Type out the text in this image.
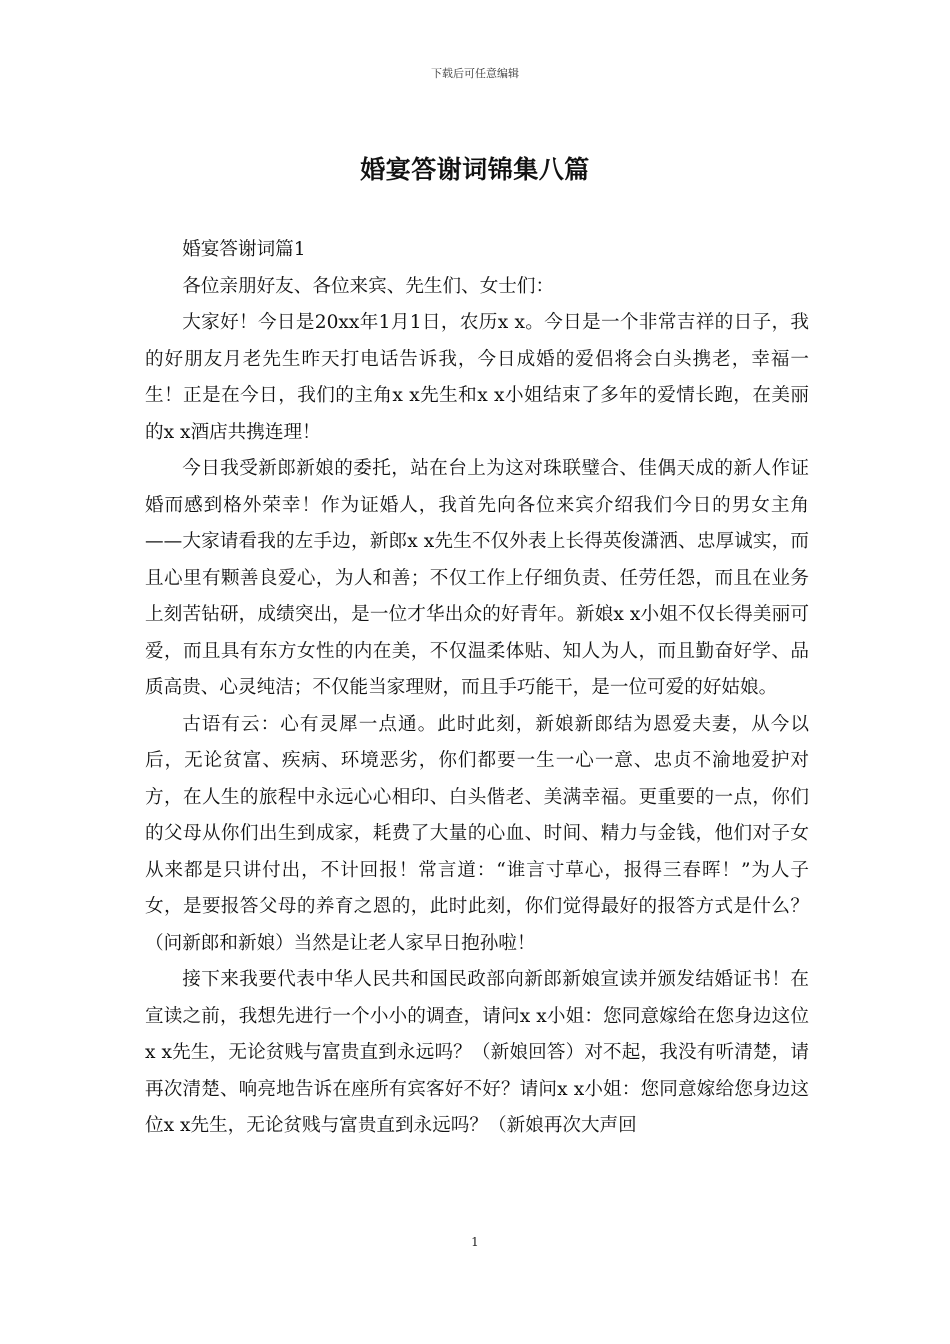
下载后可任意编辑
婚宴答谢词锦集八篇

婚宴答谢词篇1

各位亲朋好友、各位来宾、先生们、女士们：

大家好！今日是20xx年1月1日，农历x x。今日是一个非常吉祥的日子，我的好朋友月老先生昨天打电话告诉我，今日成婚的爱侣将会白头携老，幸福一生！正是在今日，我们的主角x x先生和x x小姐结束了多年的爱情长跑，在美丽的x x酒店共携连理！

今日我受新郎新娘的委托，站在台上为这对珠联璧合、佳偶天成的新人作证婚而感到格外荣幸！作为证婚人，我首先向各位来宾介绍我们今日的男女主角——大家请看我的左手边，新郎x x先生不仅外表上长得英俊潇洒、忠厚诚实，而且心里有颗善良爱心，为人和善；不仅工作上仔细负责、任劳任怨，而且在业务上刻苦钻研，成绩突出，是一位才华出众的好青年。新娘x x小姐不仅长得美丽可爱，而且具有东方女性的内在美，不仅温柔体贴、知人为人，而且勤奋好学、品质高贵、心灵纯洁；不仅能当家理财，而且手巧能干，是一位可爱的好姑娘。

古语有云：心有灵犀一点通。此时此刻，新娘新郎结为恩爱夫妻，从今以后，无论贫富、疾病、环境恶劣，你们都要一生一心一意、忠贞不渝地爱护对方，在人生的旅程中永远心心相印、白头偕老、美满幸福。更重要的一点，你们的父母从你们出生到成家，耗费了大量的心血、时间、精力与金钱，他们对子女从来都是只讲付出，不计回报！常言道：“谁言寸草心，报得三春晖！”为人子女，是要报答父母的养育之恩的，此时此刻，你们觉得最好的报答方式是什么？（问新郎和新娘）当然是让老人家早日抱孙啦！

接下来我要代表中华人民共和国民政部向新郎新娘宣读并颁发结婚证书！在宣读之前，我想先进行一个小小的调查，请问x x小姐：您同意嫁给在您身边这位x x先生，无论贫贱与富贵直到永远吗？（新娘回答）对不起，我没有听清楚，请再次清楚、响亮地告诉在座所有宾客好不好？请问x x小姐：您同意嫁给您身边这位x x先生，无论贫贱与富贵直到永远吗？（新娘再次大声回

1
